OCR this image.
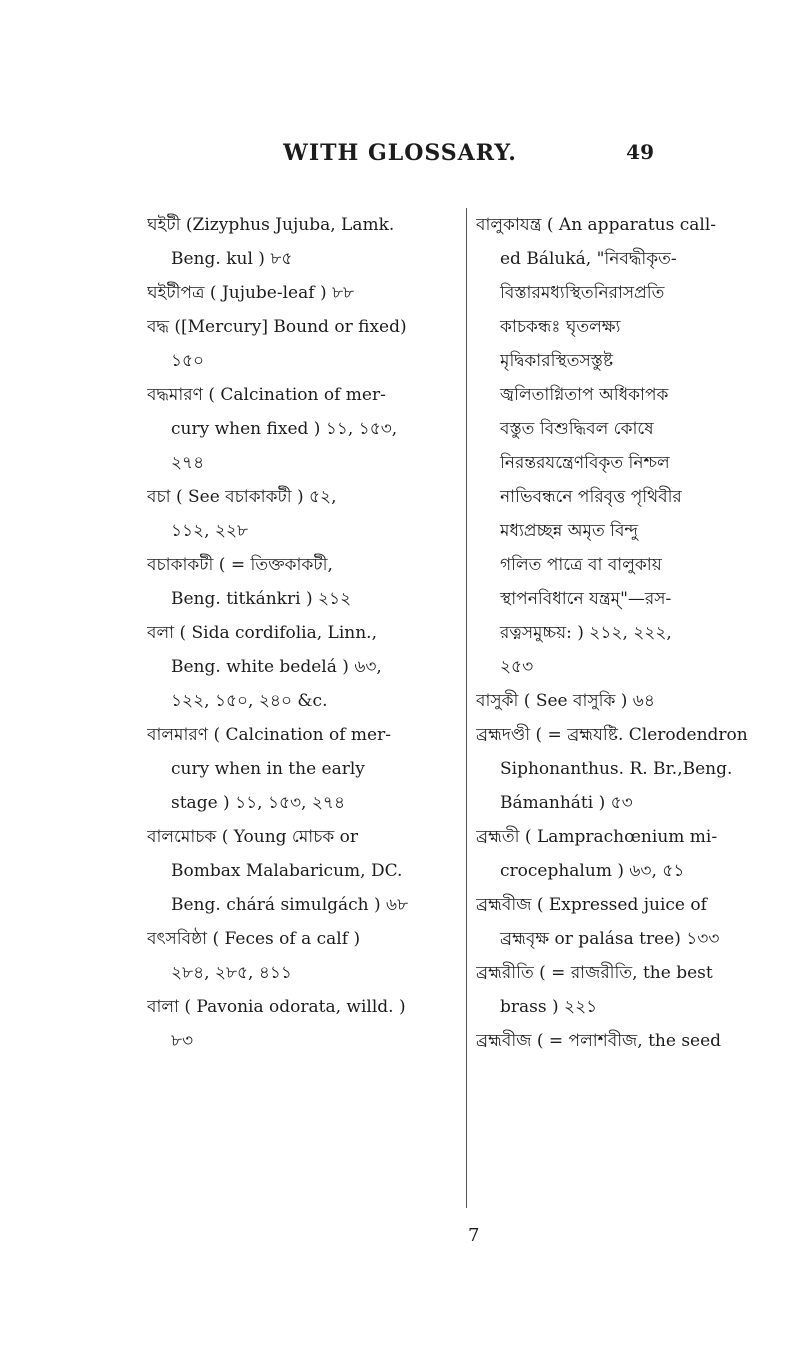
WITH GLOSSARY.	49
ঘইটী (Zizyphus Jujuba, Lamk.
Beng. kul ) ৮৫
ঘইটীপত্র ( Jujube-leaf ) ৮৮
বদ্ধ ([Mercury] Bound or fixed)
১৫০
বদ্ধমারণ ( Calcination of mer-
cury when fixed ) ১১, ১৫৩,
২৭৪
বচা ( See বচাকাকটী ) ৫২,
১১২, ২২৮
বচাকাকটী ( = তিক্তকাকটী,
Beng. titkánkri ) ২১২
বলা ( Sida cordifolia, Linn.,
Beng. white bedelá ) ৬৩,
১২২, ১৫০, ২৪০ &c.
বালমারণ ( Calcination of mer-
cury when in the early
stage ) ১১, ১৫৩, ২৭৪
বালমোচক ( Young মোচক or
Bombax Malabaricum, DC.
Beng. chárá simulgách ) ৬৮
বৎসবিষ্ঠা ( Feces of a calf )
২৮৪, ২৮৫, ৪১১
বালা ( Pavonia odorata, willd. )
৮৩
বালুকাযন্ত্র ( An apparatus call-
ed Báluká, "নিবদ্ধীকৃত-
বিস্তারমধ্যস্থিতনিরাসপ্রতি
কাচকন্ধঃ ঘৃতলক্ষ্য
মৃদ্বিকারস্থিতসস্তুষ্ট
জ্বলিতাগ্নিতাপ অধিকাপক
বস্তুত বিশুদ্ধিবল কোষে
নিরন্তরযন্ত্রেণবিকৃত নিশ্চল
নাভিবন্ধনে পরিবৃত্ত পৃথিবীর
মধ্যপ্রচ্ছন্ন অমৃত বিন্দু
গলিত পাত্রে বা বালুকায়
স্থাপনবিধানে যন্ত্রম্"—রস-
রত্নসমুচ্চয়: ) ২১২, ২২২,
২৫৩
বাসুকী ( See বাসুকি ) ৬৪
ব্রহ্মদণ্ডী ( = ব্রহ্মযষ্টি. Clerodendron
Siphonanthus. R. Br.,Beng.
Bámanháti ) ৫৩
ব্রহ্মতী ( Lamprachœnium mi-
crocephalum ) ৬৩, ৫১
ব্রহ্মবীজ ( Expressed juice of
ব্রহ্মবৃক্ষ or palása tree) ১৩৩
ব্রহ্মরীতি ( = রাজরীতি, the best
brass ) ২২১
ব্রহ্মবীজ ( = পলাশবীজ, the seed
7
